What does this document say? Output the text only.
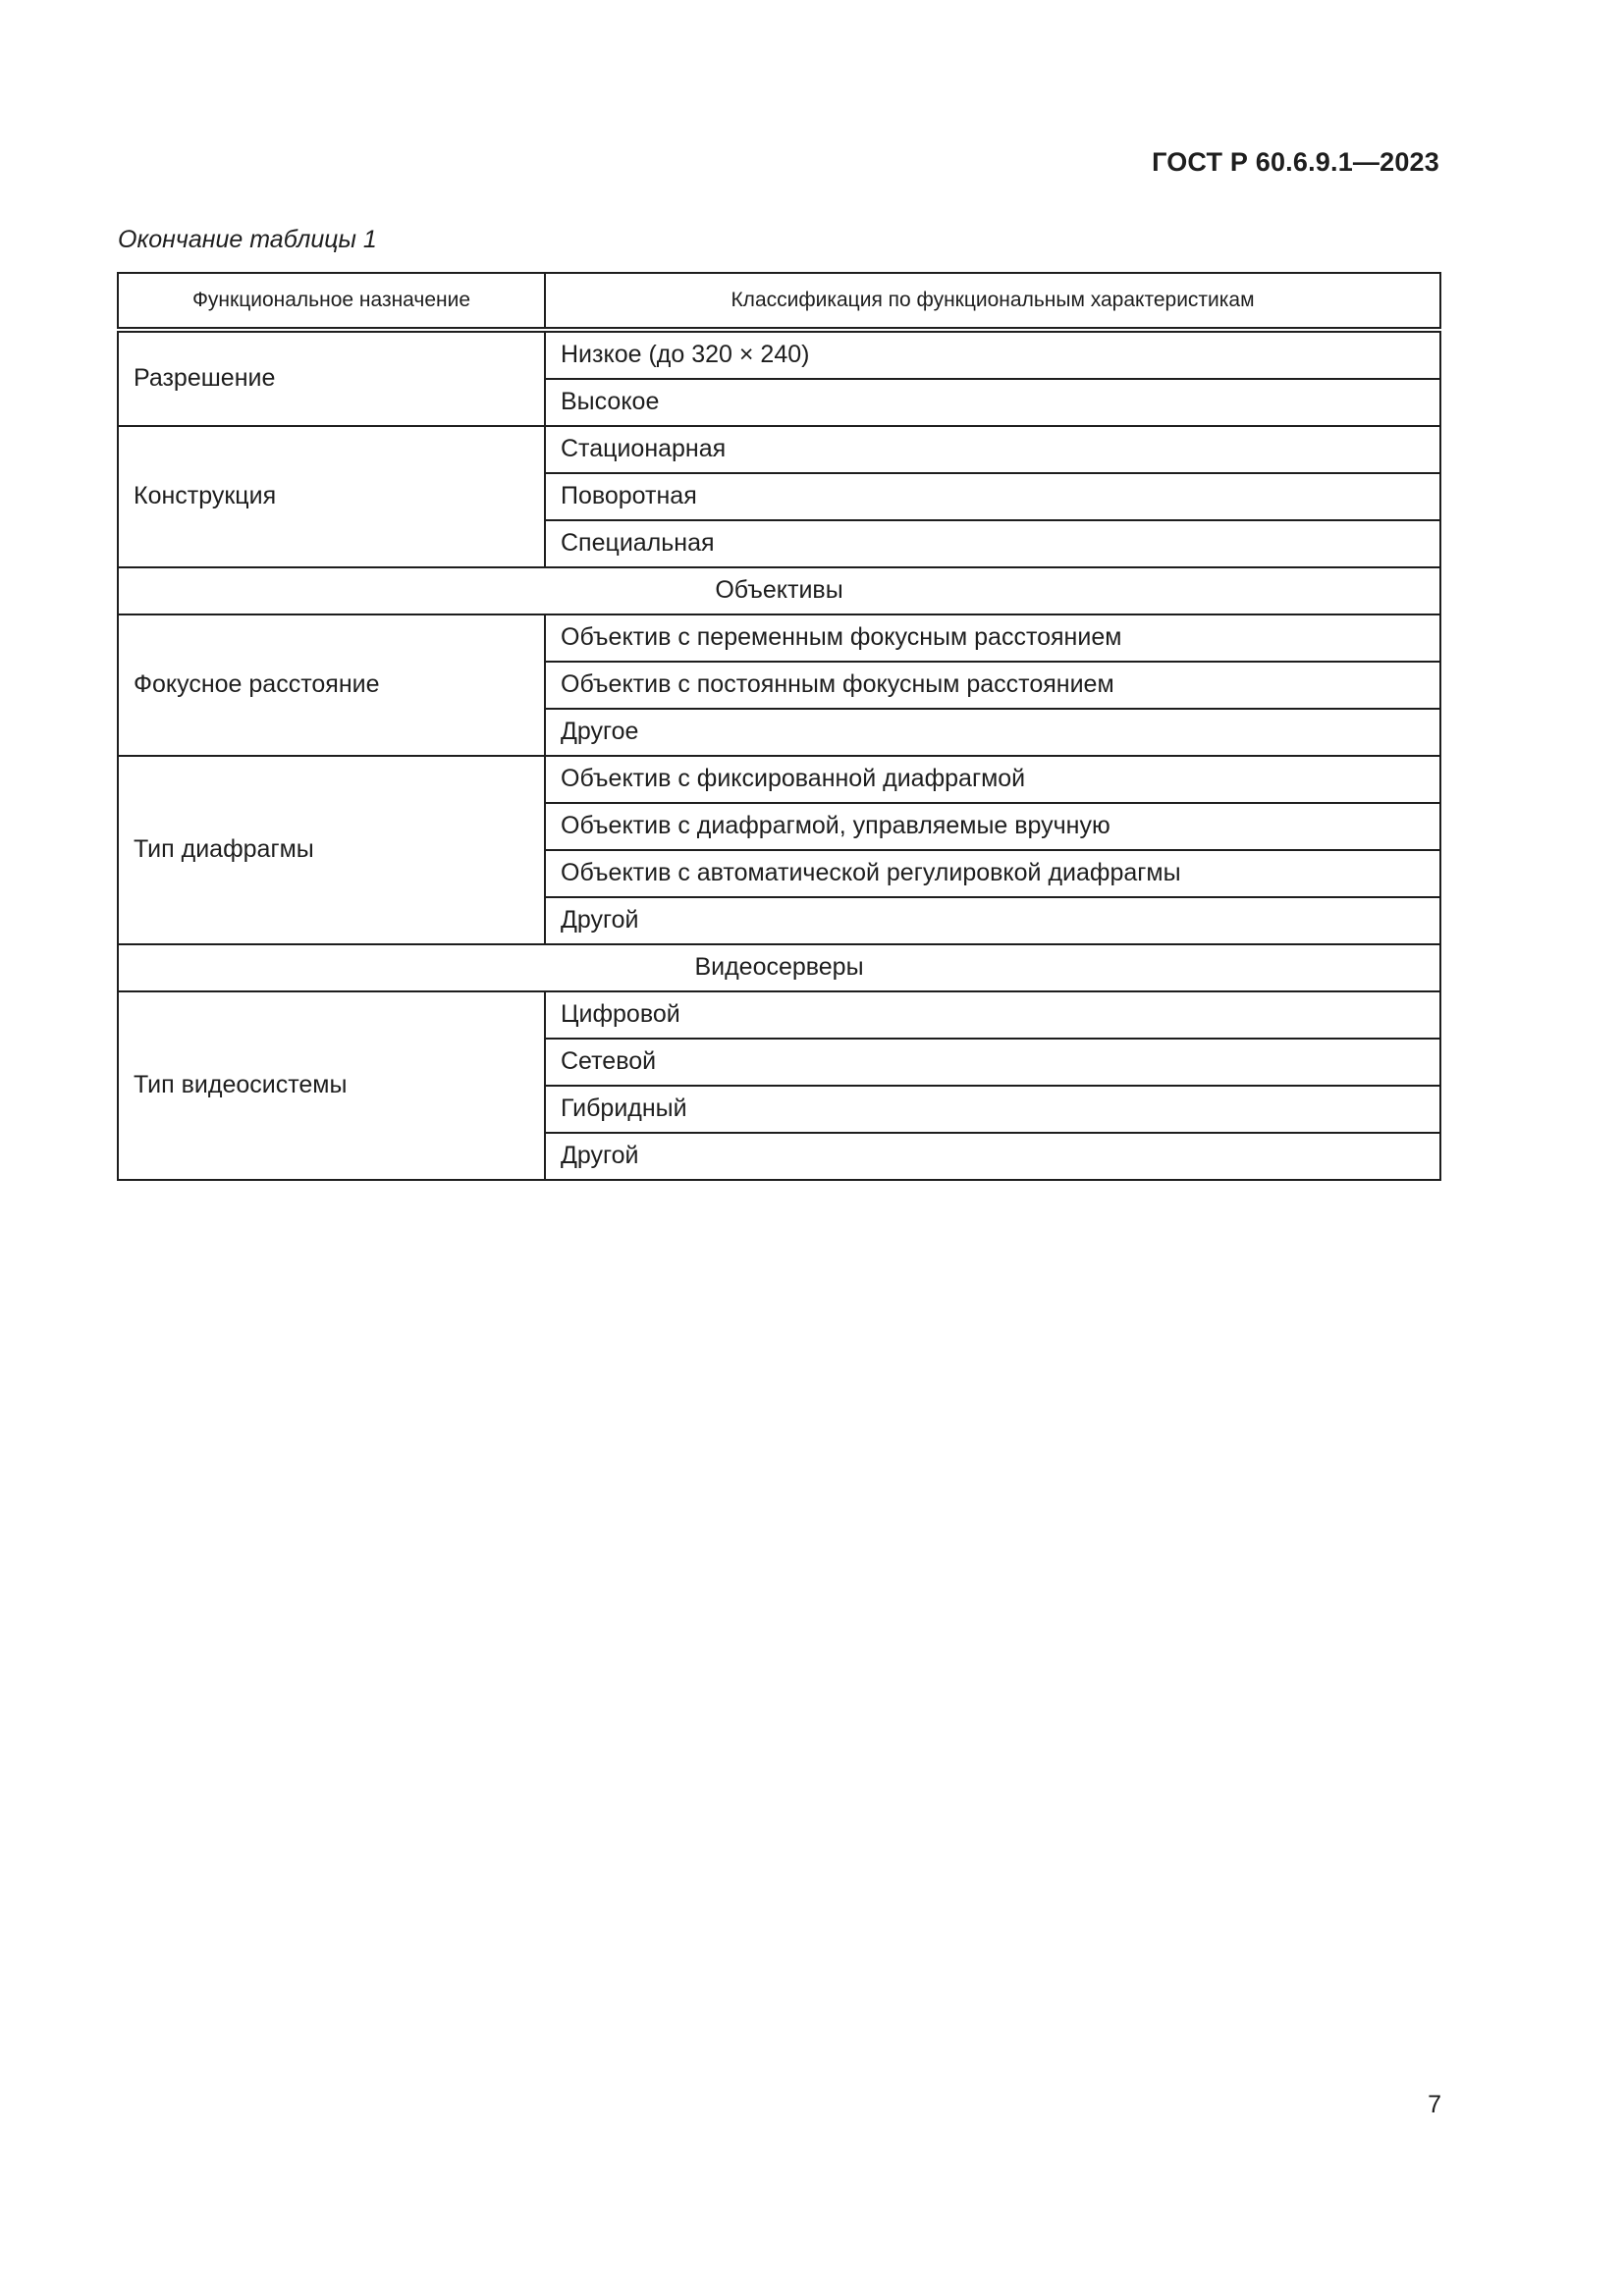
ГОСТ Р 60.6.9.1—2023
Окончание таблицы 1
Функциональное назначение	Классификация по функциональным характеристикам
Разрешение	Низкое (до 320 × 240)
	Высокое
Конструкция	Стационарная
	Поворотная
	Специальная
Объективы	
Фокусное расстояние	Объектив с переменным фокусным расстоянием
	Объектив с постоянным фокусным расстоянием
	Другое
Тип диафрагмы	Объектив с фиксированной диафрагмой
	Объектив с диафрагмой, управляемые вручную
	Объектив с автоматической регулировкой диафрагмы
	Другой
Видеосерверы	
Тип видеосистемы	Цифровой
	Сетевой
	Гибридный
	Другой
7
